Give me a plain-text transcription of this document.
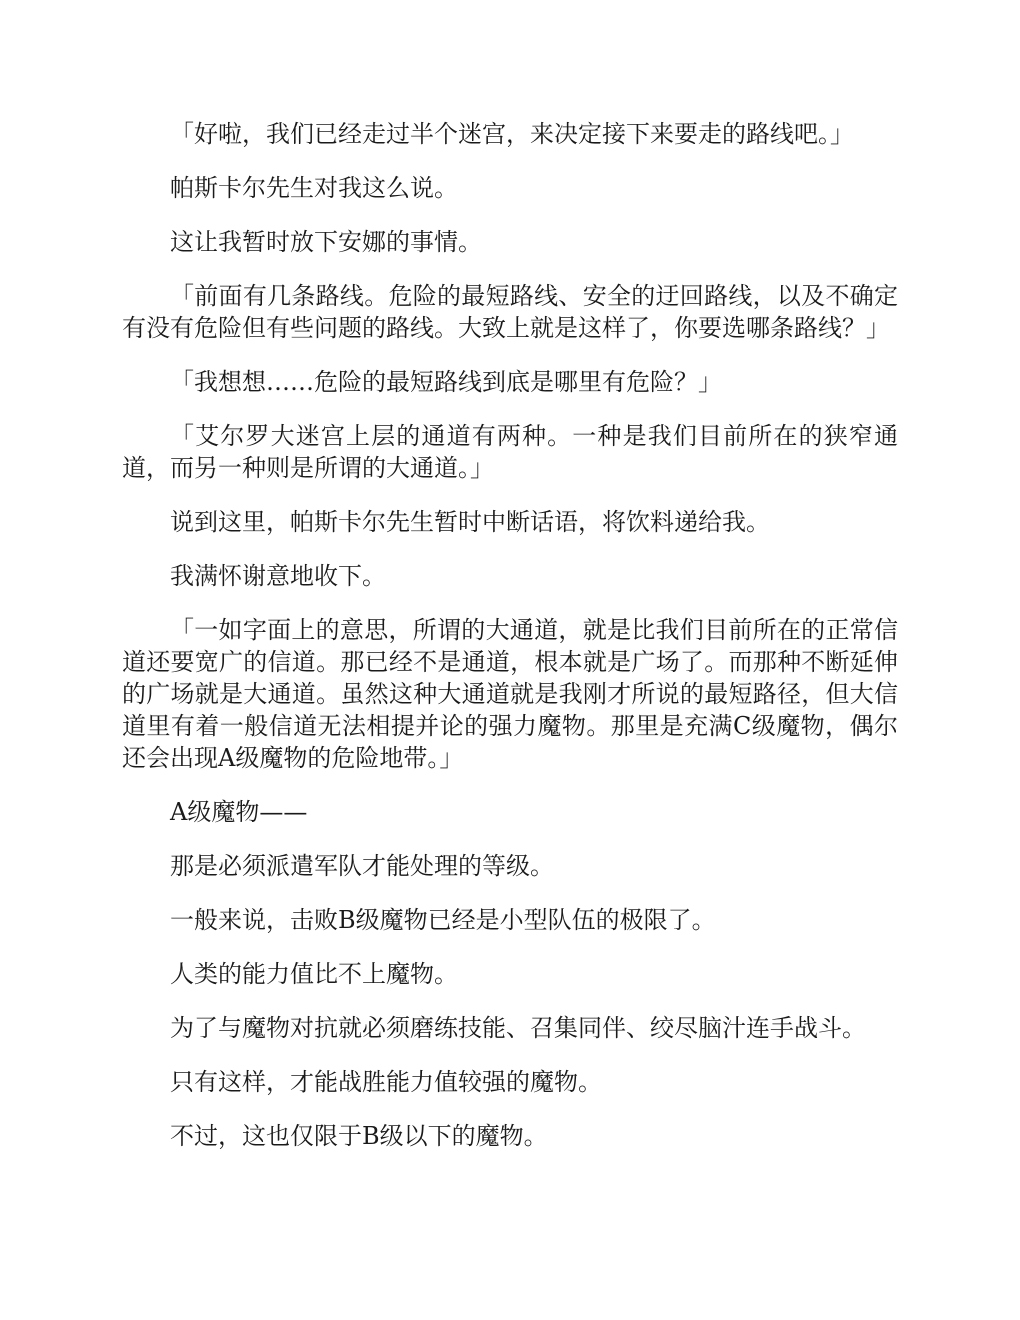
「好啦，我们已经走过半个迷宫，来决定接下来要走的路线吧。」

帕斯卡尔先生对我这么说。

这让我暂时放下安娜的事情。

「前面有几条路线。危险的最短路线、安全的迂回路线，以及不确定有没有危险但有些问题的路线。大致上就是这样了，你要选哪条路线？」

「我想想……危险的最短路线到底是哪里有危险？」

「艾尔罗大迷宫上层的通道有两种。一种是我们目前所在的狭窄通道，而另一种则是所谓的大通道。」

说到这里，帕斯卡尔先生暂时中断话语，将饮料递给我。

我满怀谢意地收下。

「一如字面上的意思，所谓的大通道，就是比我们目前所在的正常信道还要宽广的信道。那已经不是通道，根本就是广场了。而那种不断延伸的广场就是大通道。虽然这种大通道就是我刚才所说的最短路径，但大信道里有着一般信道无法相提并论的强力魔物。那里是充满C级魔物，偶尔还会出现A级魔物的危险地带。」

A级魔物——

那是必须派遣军队才能处理的等级。

一般来说，击败B级魔物已经是小型队伍的极限了。

人类的能力值比不上魔物。

为了与魔物对抗就必须磨练技能、召集同伴、绞尽脑汁连手战斗。

只有这样，才能战胜能力值较强的魔物。

不过，这也仅限于B级以下的魔物。
